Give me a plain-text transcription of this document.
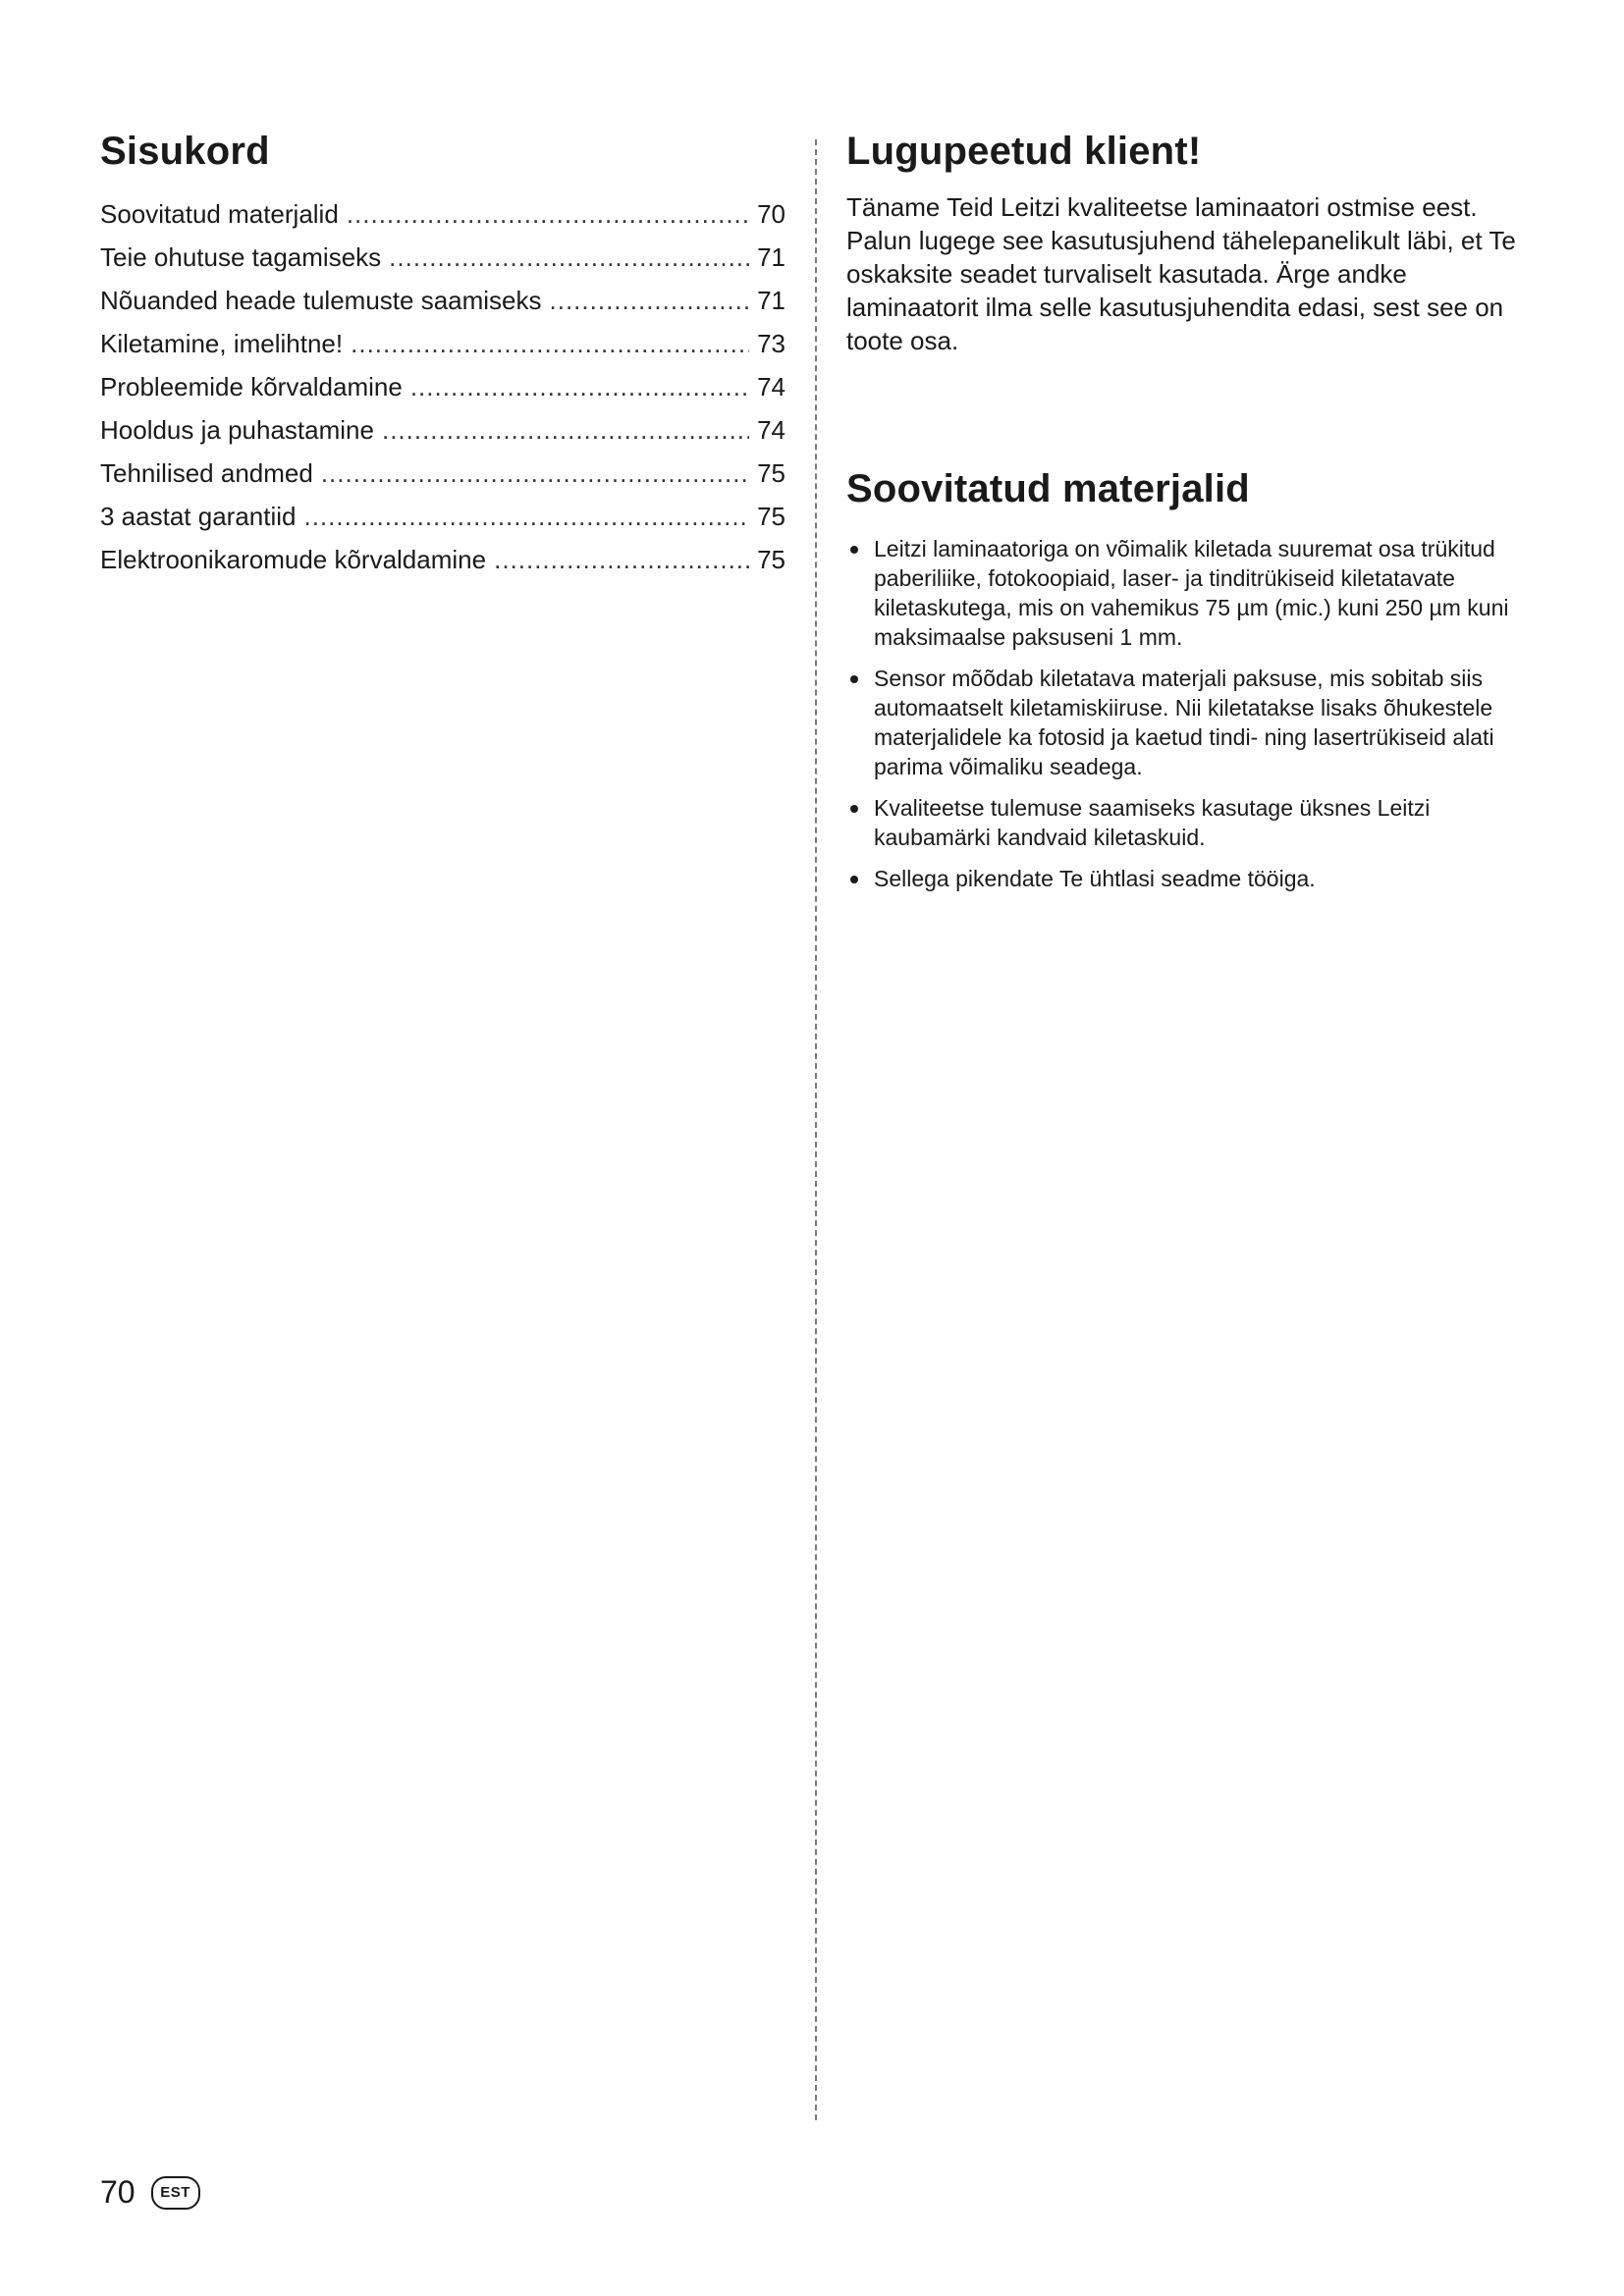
Sisukord
Soovitatud materjalid .....	70
Teie ohutuse tagamiseks .....	71
Nõuanded heade tulemuste saamiseks .....	71
Kiletamine, imelihtne! .....	73
Probleemide kõrvaldamine .....	74
Hooldus ja puhastamine .....	74
Tehnilised andmed .....	75
3 aastat garantiid .....	75
Elektroonikaromude kõrvaldamine .....	75
Lugupeetud klient!

Täname Teid Leitzi kvaliteetse laminaatori ostmise eest. Palun lugege see kasutusjuhend tähelepanelikult läbi, et Te oskaksite seadet turvaliselt kasutada. Ärge andke laminaatorit ilma selle kasutusjuhendita edasi, sest see on toote osa.

Soovitatud materjalid
Leitzi laminaatoriga on võimalik kiletada suuremat osa trükitud paberiliike, fotokoopiaid, laser- ja tinditrükiseid kiletatavate kiletaskutega, mis on vahemikus 75 µm (mic.) kuni 250 µm kuni maksimaalse paksuseni 1 mm.
Sensor mõõdab kiletatava materjali paksuse, mis sobitab siis automaatselt kiletamiskiiruse. Nii kiletatakse lisaks õhukestele materjalidele ka fotosid ja kaetud tindi- ning lasertrükiseid alati parima võimaliku seadega.
Kvaliteetse tulemuse saamiseks kasutage üksnes Leitzi kaubamärki kandvaid kiletaskuid.
Sellega pikendate Te ühtlasi seadme tööiga.
70	EST
